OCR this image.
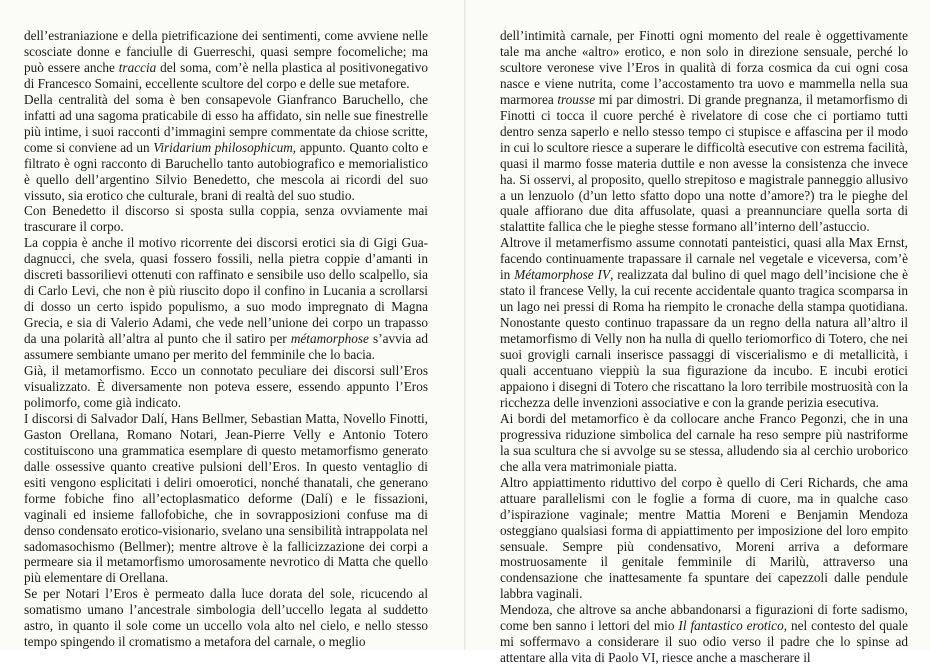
dell’estraniazione e della pietrificazione dei sentimenti, come avviene nelle scosciate donne e fanciulle di Guerreschi, quasi sempre focomeliche; ma può essere anche traccia del soma, com’è nella plastica al positivonegativo di Francesco Somaini, eccellente scultore del corpo e delle sue metafore.

Della centralità del soma è ben consapevole Gianfranco Baruchello, che infatti ad una sagoma praticabile di esso ha affidato, sin nelle sue finestrelle più intime, i suoi racconti d’immagini sempre commentate da chiose scritte, come si conviene ad un Viridarium philosophicum, appunto. Quanto colto e filtrato è ogni racconto di Baruchello tanto autobiografico e memorialistico è quello dell’argentino Silvio Benedetto, che mescola ai ricordi del suo vissuto, sia erotico che culturale, brani di realtà del suo studio.

Con Benedetto il discorso si sposta sulla coppia, senza ovviamente mai trascurare il corpo.

La coppia è anche il motivo ricorrente dei discorsi erotici sia di Gigi Guadagnucci, che svela, quasi fossero fossili, nella pietra coppie d’amanti in discreti bassorilievi ottenuti con raffinato e sensibile uso dello scalpello, sia di Carlo Levi, che non è più riuscito dopo il confino in Lucania a scrollarsi di dosso un certo ispido populismo, a suo modo impregnato di Magna Grecia, e sia di Valerio Adami, che vede nell’unione dei corpo un trapasso da una polarità all’altra al punto che il satiro per métamorphose s’avvia ad assumere sembiante umano per merito del femminile che lo bacia.

Già, il metamorfismo. Ecco un connotato peculiare dei discorsi sull’Eros visualizzato. È diversamente non poteva essere, essendo appunto l’Eros polimorfo, come già indicato.

I discorsi di Salvador Dalí, Hans Bellmer, Sebastian Matta, Novello Finotti, Gaston Orellana, Romano Notari, Jean-Pierre Velly e Antonio Totero costituiscono una grammatica esemplare di questo metamorfismo generato dalle ossessive quanto creative pulsioni dell’Eros. In questo ventaglio di esiti vengono esplicitati i deliri omoerotici, nonché thanatali, che generano forme fobiche fino all’ectoplasmatico deforme (Dalí) e le fissazioni, vaginali ed insieme fallofobiche, che in sovrapposizioni confuse ma di denso condensato erotico-visionario, svelano una sensibilità intrappolata nel sadomasochismo (Bellmer); mentre altrove è la fallicizzazione dei corpi a permeare sia il metamorfismo umorosamente nevrotico di Matta che quello più elementare di Orellana.

Se per Notari l’Eros è permeato dalla luce dorata del sole, ricucendo al somatismo umano l’ancestrale simbologia dell’uccello legata al suddetto astro, in quanto il sole come un uccello vola alto nel cielo, e nello stesso tempo spingendo il cromatismo a metafora del carnale, o meglio

dell’intimità carnale, per Finotti ogni momento del reale è oggettivamente tale ma anche «altro» erotico, e non solo in direzione sensuale, perché lo scultore veronese vive l’Eros in qualità di forza cosmica da cui ogni cosa nasce e viene nutrita, come l’accostamento tra uovo e mammella nella sua marmorea trousse mi par dimostri. Di grande pregnanza, il metamorfismo di Finotti ci tocca il cuore perché è rivelatore di cose che ci portiamo tutti dentro senza saperlo e nello stesso tempo ci stupisce e affascina per il modo in cui lo scultore riesce a superare le difficoltà esecutive con estrema facilità, quasi il marmo fosse materia duttile e non avesse la consistenza che invece ha. Si osservi, al proposito, quello strepitoso e magistrale panneggio allusivo a un lenzuolo (d’un letto sfatto dopo una notte d’amore?) tra le pieghe del quale affiorano due dita affusolate, quasi a preannunciare quella sorta di stalattite fallica che le pieghe stesse formano all’interno dell’astuccio.

Altrove il metamerfismo assume connotati panteistici, quasi alla Max Ernst, facendo continuamente trapassare il carnale nel vegetale e viceversa, com’è in Métamorphose IV, realizzata dal bulino di quel mago dell’incisione che è stato il francese Velly, la cui recente accidentale quanto tragica scomparsa in un lago nei pressi di Roma ha riempito le cronache della stampa quotidiana. Nonostante questo continuo trapassare da un regno della natura all’altro il metamorfismo di Velly non ha nulla di quello teriomorfico di Totero, che nei suoi grovigli carnali inserisce passaggi di viscerialismo e di metallicità, i quali accentuano vieppiù la sua figurazione da incubo. E incubi erotici appaiono i disegni di Totero che riscattano la loro terribile mostruosità con la ricchezza delle invenzioni associative e con la grande perizia esecutiva.

Ai bordi del metamorfico è da collocare anche Franco Pegonzi, che in una progressiva riduzione simbolica del carnale ha reso sempre più nastriforme la sua scultura che si avvolge su se stessa, alludendo sia al cerchio uroborico che alla vera matrimoniale piatta.

Altro appiattimento riduttivo del corpo è quello di Ceri Richards, che ama attuare parallelismi con le foglie a forma di cuore, ma in qualche caso d’ispirazione vaginale; mentre Mattia Moreni e Benjamin Mendoza osteggiano qualsiasi forma di appiattimento per imposizione del loro empito sensuale. Sempre più condensativo, Moreni arriva a deformare mostruosamente il genitale femminile di Marilù, attraverso una condensazione che inattesamente fa spuntare dei capezzoli dalle pendule labbra vaginali.

Mendoza, che altrove sa anche abbandonarsi a figurazioni di forte sadismo, come ben sanno i lettori del mio Il fantastico erotico, nel contesto del quale mi soffermavo a considerare il suo odio verso il padre che lo spinse ad attentare alla vita di Paolo VI, riesce anche a mascherare il
